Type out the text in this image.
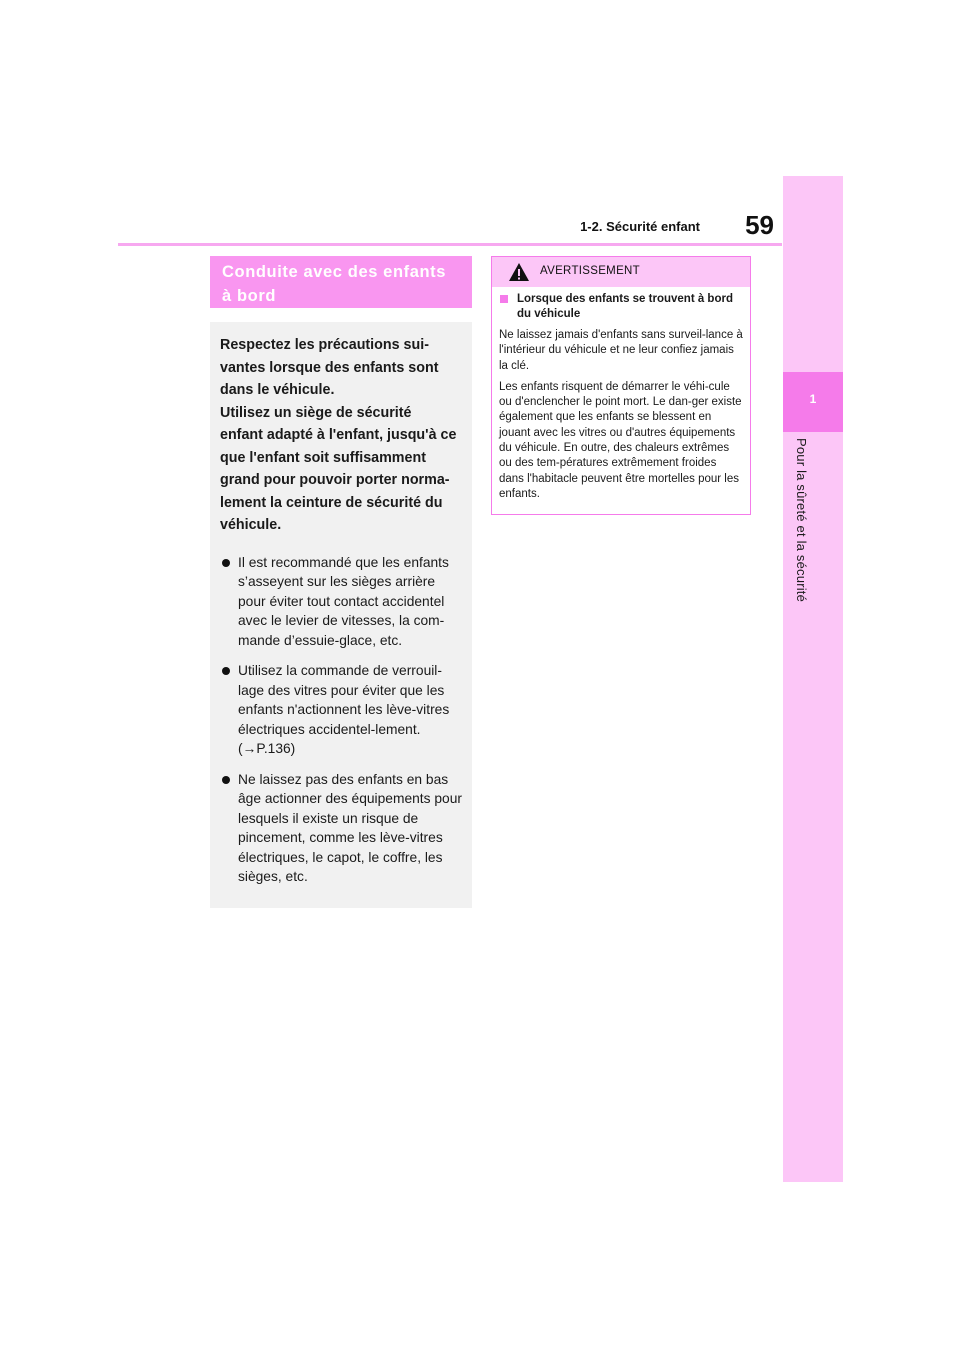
1-2. Sécurité enfant	59
1
Pour la sûreté et la sécurité
Conduite avec des enfants
à bord

Respectez les précautions sui-

vantes lorsque des enfants sont

dans le véhicule.

Utilisez un siège de sécurité

enfant adapté à l'enfant, jusqu'à ce

que l'enfant soit suffisamment

grand pour pouvoir porter norma-

lement la ceinture de sécurité du

véhicule.

Il est recommandé que les enfants s’asseyent sur les sièges arrière pour éviter tout contact accidentel avec le levier de vitesses, la com-mande d’essuie-glace, etc.
Utilisez la commande de verrouil-lage des vitres pour éviter que les enfants n'actionnent les lève-vitres électriques accidentel-lement. (→P.136)
Ne laissez pas des enfants en bas âge actionner des équipements pour lesquels il existe un risque de pincement, comme les lève-vitres électriques, le capot, le coffre, les sièges, etc.
AVERTISSEMENT
Lorsque des enfants se trouvent à bord du véhicule

Ne laissez jamais d'enfants sans surveil-lance à l'intérieur du véhicule et ne leur confiez jamais la clé.

Les enfants risquent de démarrer le véhi-cule ou d'enclencher le point mort. Le dan-ger existe également que les enfants se blessent en jouant avec les vitres ou d'autres équipements du véhicule. En outre, des chaleurs extrêmes ou des tem-pératures extrêmement froides dans l'habitacle peuvent être mortelles pour les enfants.
